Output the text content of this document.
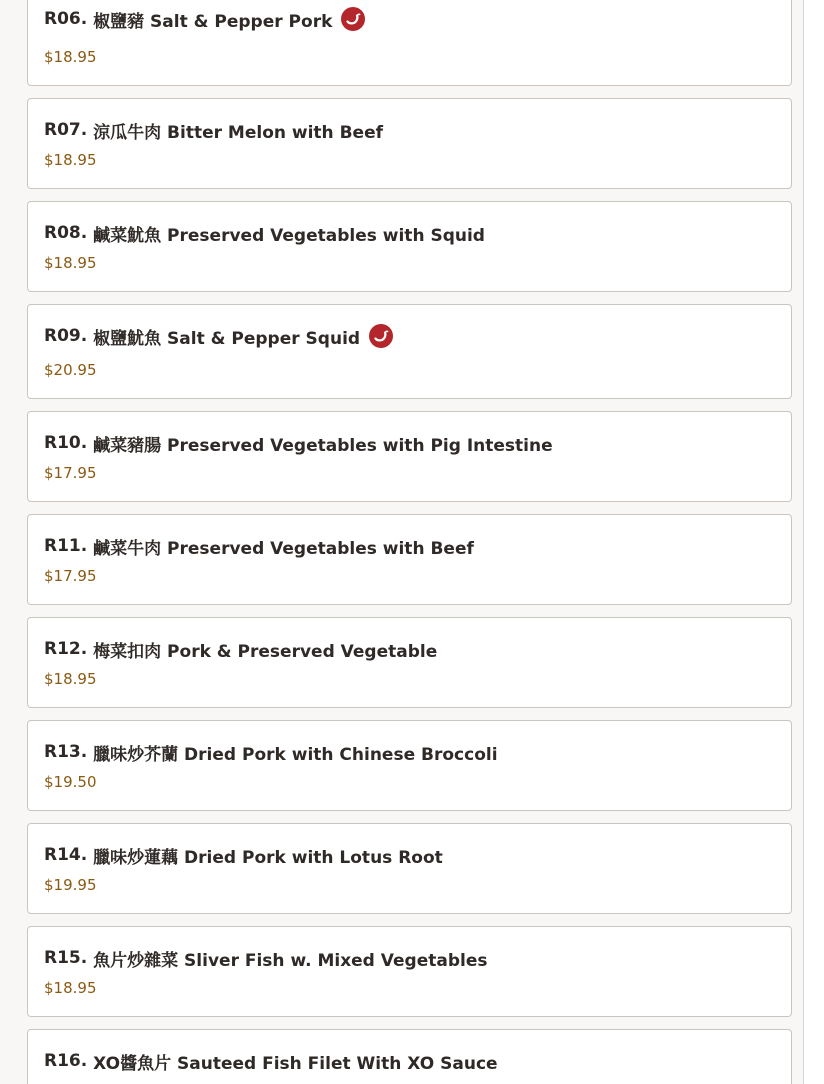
R06.
椒鹽豬 Salt & Pepper Pork
$18.95
R07.
涼瓜牛肉 Bitter Melon with Beef
$18.95
R08.
鹹菜魷魚 Preserved Vegetables with Squid
$18.95
R09.
椒鹽魷魚 Salt & Pepper Squid
$20.95
R10.
鹹菜豬腸 Preserved Vegetables with Pig Intestine
$17.95
R11.
鹹菜牛肉 Preserved Vegetables with Beef
$17.95
R12.
梅菜扣肉 Pork & Preserved Vegetable
$18.95
R13.
臘味炒芥蘭 Dried Pork with Chinese Broccoli
$19.50
R14.
臘味炒蓮藕 Dried Pork with Lotus Root
$19.95
R15.
魚片炒雜菜 Sliver Fish w. Mixed Vegetables
$18.95
R16.
XO醬魚片 Sauteed Fish Filet With XO Sauce
